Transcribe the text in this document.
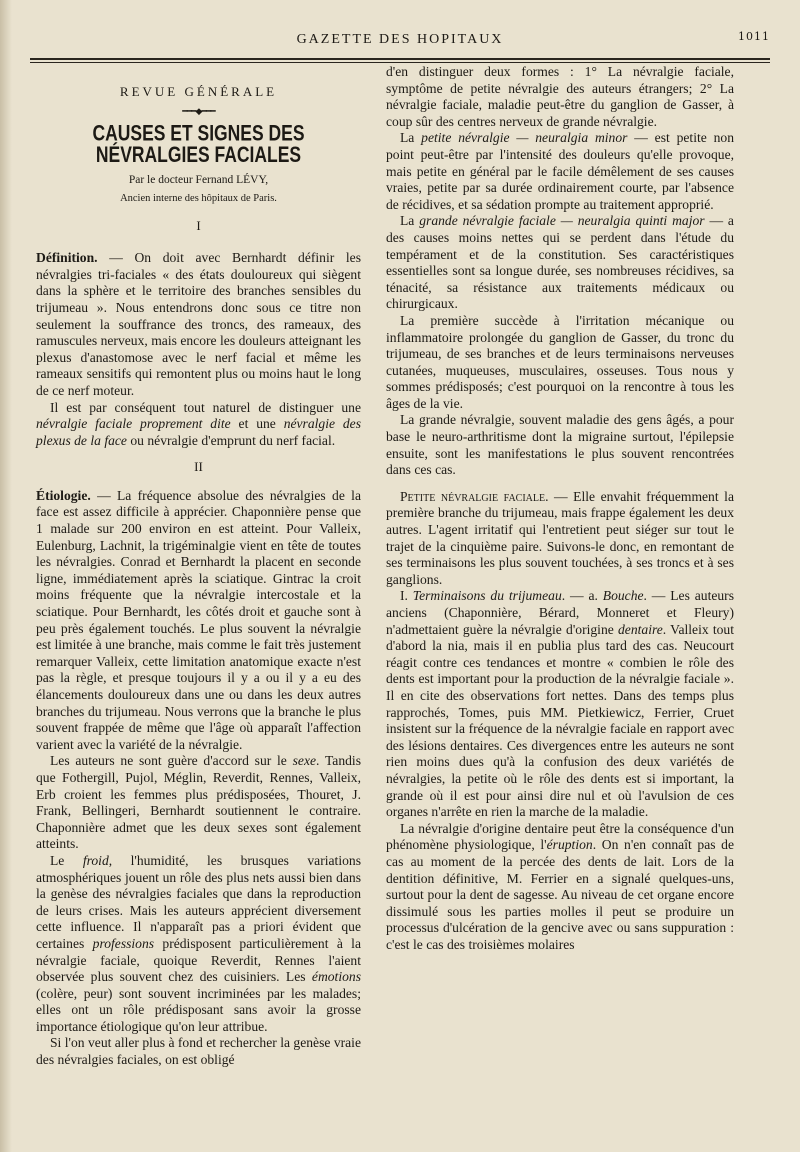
GAZETTE DES HOPITAUX	1011
REVUE GÉNÉRALE
━━━◆━━━
CAUSES ET SIGNES DES NÉVRALGIES FACIALES
Par le docteur Fernand LÉVY,
Ancien interne des hôpitaux de Paris.
I

Définition. — On doit avec Bernhardt définir les névralgies tri-faciales « des états douloureux qui siègent dans la sphère et le territoire des branches sensibles du trijumeau ». Nous entendrons donc sous ce titre non seulement la souffrance des troncs, des rameaux, des ramuscules nerveux, mais encore les douleurs atteignant les plexus d'anastomose avec le nerf facial et même les rameaux sensitifs qui remontent plus ou moins haut le long de ce nerf moteur.

Il est par conséquent tout naturel de distinguer une névralgie faciale proprement dite et une névralgie des plexus de la face ou névralgie d'emprunt du nerf facial.

II

Étiologie. — La fréquence absolue des névralgies de la face est assez difficile à apprécier. Chaponnière pense que 1 malade sur 200 environ en est atteint. Pour Valleix, Eulenburg, Lachnit, la trigéminalgie vient en tête de toutes les névralgies. Conrad et Bernhardt la placent en seconde ligne, immédiatement après la sciatique. Gintrac la croit moins fréquente que la névralgie intercostale et la sciatique. Pour Bernhardt, les côtés droit et gauche sont à peu près également touchés. Le plus souvent la névralgie est limitée à une branche, mais comme le fait très justement remarquer Valleix, cette limitation anatomique exacte n'est pas la règle, et presque toujours il y a ou il y a eu des élancements douloureux dans une ou dans les deux autres branches du trijumeau. Nous verrons que la branche le plus souvent frappée de même que l'âge où apparaît l'affection varient avec la variété de la névralgie.

Les auteurs ne sont guère d'accord sur le sexe. Tandis que Fothergill, Pujol, Méglin, Reverdit, Rennes, Valleix, Erb croient les femmes plus prédisposées, Thouret, J. Frank, Bellingeri, Bernhardt soutiennent le contraire. Chaponnière admet que les deux sexes sont également atteints.

Le froid, l'humidité, les brusques variations atmosphériques jouent un rôle des plus nets aussi bien dans la genèse des névralgies faciales que dans la reproduction de leurs crises. Mais les auteurs apprécient diversement cette influence. Il n'apparaît pas a priori évident que certaines professions prédisposent particulièrement à la névralgie faciale, quoique Reverdit, Rennes l'aient observée plus souvent chez des cuisiniers. Les émotions (colère, peur) sont souvent incriminées par les malades; elles ont un rôle prédisposant sans avoir la grosse importance étiologique qu'on leur attribue.

Si l'on veut aller plus à fond et rechercher la genèse vraie des névralgies faciales, on est obligé

d'en distinguer deux formes : 1° La névralgie faciale, symptôme de petite névralgie des auteurs étrangers; 2° La névralgie faciale, maladie peut-être du ganglion de Gasser, à coup sûr des centres nerveux de grande névralgie.

La petite névralgie — neuralgia minor — est petite non point peut-être par l'intensité des douleurs qu'elle provoque, mais petite en général par le facile démêlement de ses causes vraies, petite par sa durée ordinairement courte, par l'absence de récidives, et sa sédation prompte au traitement approprié.

La grande névralgie faciale — neuralgia quinti major — a des causes moins nettes qui se perdent dans l'étude du tempérament et de la constitution. Ses caractéristiques essentielles sont sa longue durée, ses nombreuses récidives, sa ténacité, sa résistance aux traitements médicaux ou chirurgicaux.

La première succède à l'irritation mécanique ou inflammatoire prolongée du ganglion de Gasser, du tronc du trijumeau, de ses branches et de leurs terminaisons nerveuses cutanées, muqueuses, musculaires, osseuses. Tous nous y sommes prédisposés; c'est pourquoi on la rencontre à tous les âges de la vie.

La grande névralgie, souvent maladie des gens âgés, a pour base le neuro-arthritisme dont la migraine surtout, l'épilepsie ensuite, sont les manifestations le plus souvent rencontrées dans ces cas.

Petite névralgie faciale. — Elle envahit fréquemment la première branche du trijumeau, mais frappe également les deux autres. L'agent irritatif qui l'entretient peut siéger sur tout le trajet de la cinquième paire. Suivons-le donc, en remontant de ses terminaisons les plus souvent touchées, à ses troncs et à ses ganglions.

I. Terminaisons du trijumeau. — a. Bouche. — Les auteurs anciens (Chaponnière, Bérard, Monneret et Fleury) n'admettaient guère la névralgie d'origine dentaire. Valleix tout d'abord la nia, mais il en publia plus tard des cas. Neucourt réagit contre ces tendances et montre « combien le rôle des dents est important pour la production de la névralgie faciale ». Il en cite des observations fort nettes. Dans des temps plus rapprochés, Tomes, puis MM. Pietkiewicz, Ferrier, Cruet insistent sur la fréquence de la névralgie faciale en rapport avec des lésions dentaires. Ces divergences entre les auteurs ne sont rien moins dues qu'à la confusion des deux variétés de névralgies, la petite où le rôle des dents est si important, la grande où il est pour ainsi dire nul et où l'avulsion de ces organes n'arrête en rien la marche de la maladie.

La névralgie d'origine dentaire peut être la conséquence d'un phénomène physiologique, l'éruption. On n'en connaît pas de cas au moment de la percée des dents de lait. Lors de la dentition définitive, M. Ferrier en a signalé quelques-uns, surtout pour la dent de sagesse. Au niveau de cet organe encore dissimulé sous les parties molles il peut se produire un processus d'ulcération de la gencive avec ou sans suppuration : c'est le cas des troisièmes molaires
